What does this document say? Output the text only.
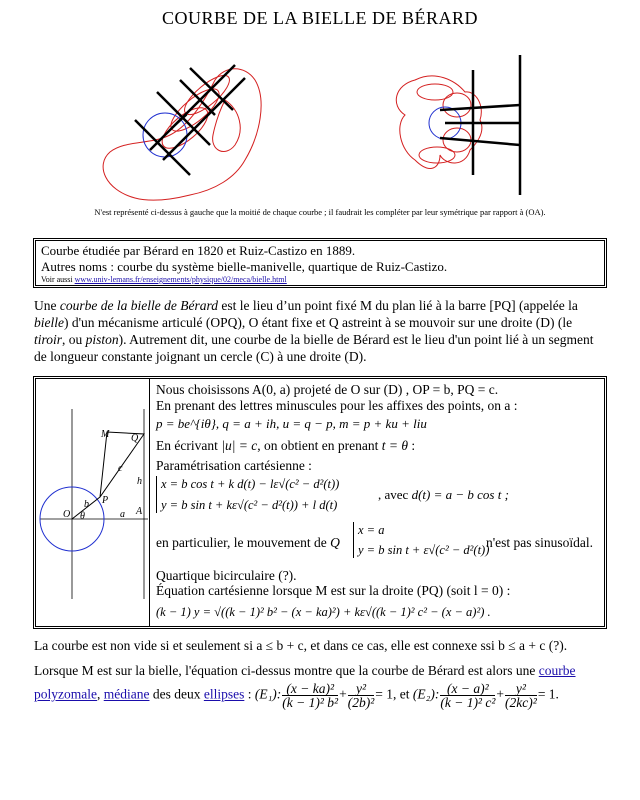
COURBE DE LA BIELLE DE BÉRARD
N'est représenté ci-dessus à gauche que la moitié de chaque courbe ; il faudrait les compléter par leur symétrique par rapport à (OA).
Courbe étudiée par Bérard en 1820 et Ruiz-Castizo en 1889.
Autres noms : courbe du système bielle-manivelle, quartique de Ruiz-Castizo.
Voir aussi www.univ-lemans.fr/enseignements/physique/02/meca/bielle.html
Une courbe de la bielle de Bérard est le lieu d’un point fixé M du plan lié à la barre [PQ] (appelée la bielle) d'un mécanisme articulé (OPQ), O étant fixe et Q astreint à se mouvoir sur une droite (D) (le tiroir, ou piston). Autrement dit, une courbe de la bielle de Bérard est le lieu d'un point lié à un segment de longueur constante joignant un cercle (C) à une droite (D).
M Q
c
h
b P
O θ	a A
Nous choisissons A(0, a) projeté de O sur (D) , OP = b, PQ = c.
En prenant des lettres minuscules pour les affixes des points, on a :
p = be^{iθ}, q = a + ih, u = q − p, m = p + ku + liu
En écrivant |u| = c, on obtient en prenant t = θ :
Paramétrisation cartésienne :
x = b cos t + k d(t) − lε√(c² − d²(t))
y = b sin t + kε√(c² − d²(t)) + l d(t)
, avec d(t) = a − b cos t ;
en particulier, le mouvement de Q
x = a
y = b sin t + ε√(c² − d²(t))
n'est pas sinusoïdal.
Quartique bicirculaire (?).
Équation cartésienne lorsque M est sur la droite (PQ) (soit l = 0) :
(k − 1) y = √((k − 1)² b² − (x − ka)²) + kε√((k − 1)² c² − (x − a)²) .
La courbe est non vide si et seulement si a ≤ b + c, et dans ce cas, elle est connexe ssi b ≤ a + c (?).
Lorsque M est sur la bielle, l'équation ci-dessus montre que la courbe de Bérard est alors une courbe polyzomale, médiane des deux ellipses : (E₁): $\frac{\text{(x − ka)²}}{\text{(k − 1)² b²}} + \frac{\text{y²}}{\text{(2b)²}} = 1$, et (E₂): $\frac{\text{(x − a)²}}{\text{(k − 1)² c²}} + \frac{\text{y²}}{\text{(2kc)²}} = 1$.
